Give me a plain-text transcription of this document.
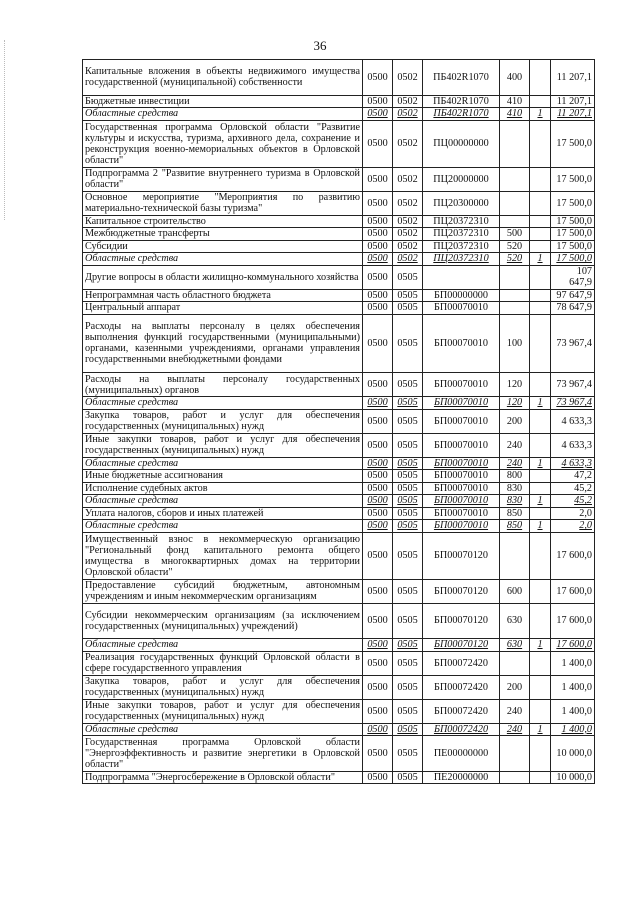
36
Капитальные вложения в объекты недвижимого имущества государственной (муниципальной) собственности	0500	0502	ПБ402R1070	400		11 207,1
Бюджетные инвестиции	0500	0502	ПБ402R1070	410		11 207,1
Областные средства	0500	0502	ПБ402R1070	410	1	11 207,1
Государственная программа Орловской области "Развитие культуры и искусства, туризма, архивного дела, сохранение и реконструкция военно-мемориальных объектов в Орловской области"	0500	0502	ПЦ00000000			17 500,0
Подпрограмма 2 "Развитие внутреннего туризма в Орловской области"	0500	0502	ПЦ20000000			17 500,0
Основное мероприятие "Мероприятия по развитию материально-технической базы туризма"	0500	0502	ПЦ20300000			17 500,0
Капитальное строительство	0500	0502	ПЦ20372310			17 500,0
Межбюджетные трансферты	0500	0502	ПЦ20372310	500		17 500,0
Субсидии	0500	0502	ПЦ20372310	520		17 500,0
Областные средства	0500	0502	ПЦ20372310	520	1	17 500,0
Другие вопросы в области жилищно-коммунального хозяйства	0500	0505				107 647,9
Непрограммная часть областного бюджета	0500	0505	БП00000000			97 647,9
Центральный аппарат	0500	0505	БП00070010			78 647,9
Расходы на выплаты персоналу в целях обеспечения выполнения функций государственными (муниципальными) органами, казенными учреждениями, органами управления государственными внебюджетными фондами	0500	0505	БП00070010	100		73 967,4
Расходы на выплаты персоналу государственных (муниципальных) органов	0500	0505	БП00070010	120		73 967,4
Областные средства	0500	0505	БП00070010	120	1	73 967,4
Закупка товаров, работ и услуг для обеспечения государственных (муниципальных) нужд	0500	0505	БП00070010	200		4 633,3
Иные закупки товаров, работ и услуг для обеспечения государственных (муниципальных) нужд	0500	0505	БП00070010	240		4 633,3
Областные средства	0500	0505	БП00070010	240	1	4 633,3
Иные бюджетные ассигнования	0500	0505	БП00070010	800		47,2
Исполнение судебных актов	0500	0505	БП00070010	830		45,2
Областные средства	0500	0505	БП00070010	830	1	45,2
Уплата налогов, сборов и иных платежей	0500	0505	БП00070010	850		2,0
Областные средства	0500	0505	БП00070010	850	1	2,0
Имущественный взнос в некоммерческую организацию "Региональный фонд капитального ремонта общего имущества в многоквартирных домах на территории Орловской области"	0500	0505	БП00070120			17 600,0
Предоставление субсидий бюджетным, автономным учреждениям и иным некоммерческим организациям	0500	0505	БП00070120	600		17 600,0
Субсидии некоммерческим организациям (за исключением государственных (муниципальных) учреждений)	0500	0505	БП00070120	630		17 600,0
Областные средства	0500	0505	БП00070120	630	1	17 600,0
Реализация государственных функций Орловской области в сфере государственного управления	0500	0505	БП00072420			1 400,0
Закупка товаров, работ и услуг для обеспечения государственных (муниципальных) нужд	0500	0505	БП00072420	200		1 400,0
Иные закупки товаров, работ и услуг для обеспечения государственных (муниципальных) нужд	0500	0505	БП00072420	240		1 400,0
Областные средства	0500	0505	БП00072420	240	1	1 400,0
Государственная программа Орловской области "Энергоэффективность и развитие энергетики в Орловской области"	0500	0505	ПЕ00000000			10 000,0
Подпрограмма "Энергосбережение в Орловской области"	0500	0505	ПЕ20000000			10 000,0
